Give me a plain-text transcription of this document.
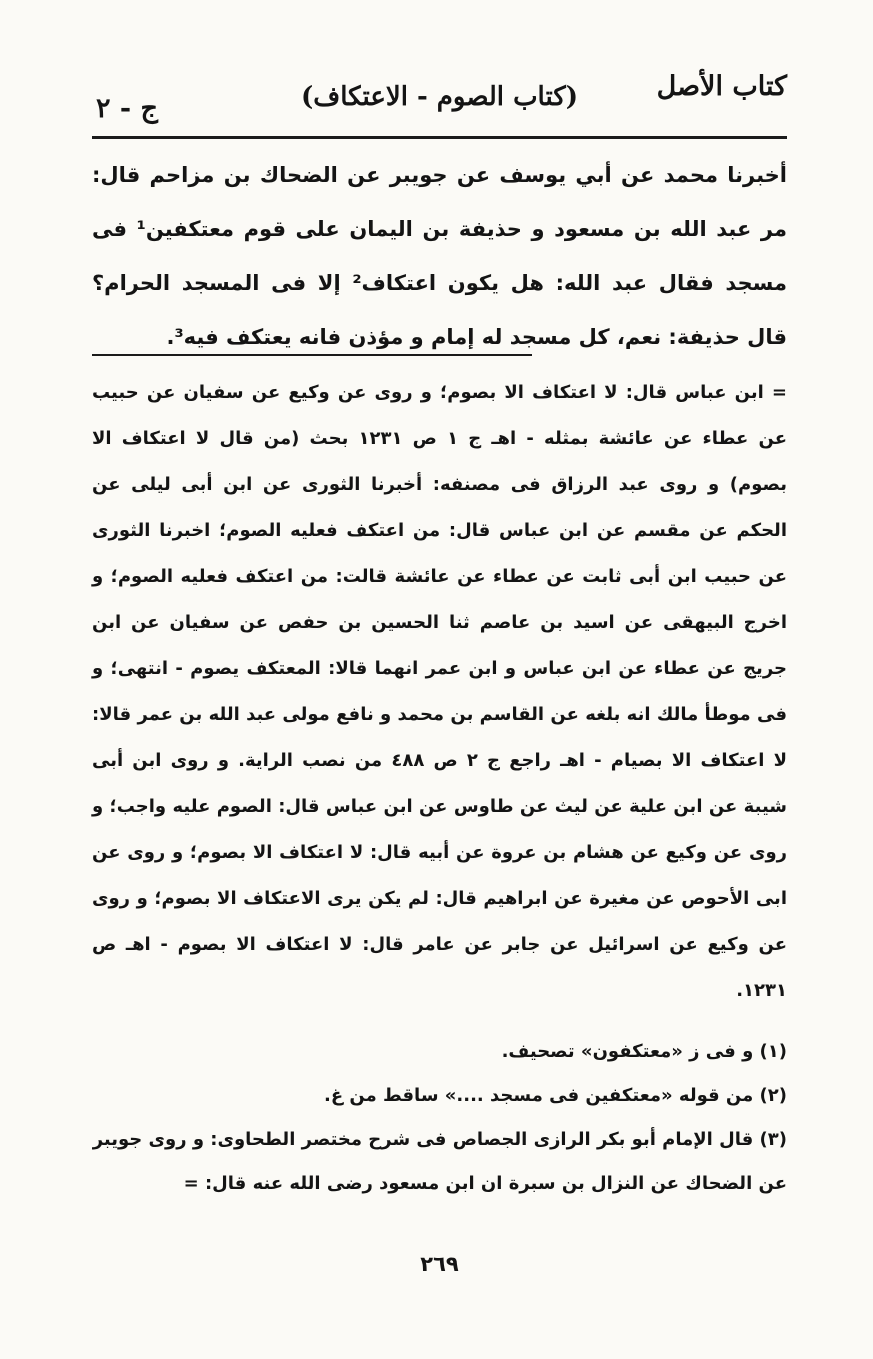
كتاب الأصل
(كتاب الصوم - الاعتكاف)
ج - ٢
أخبرنا محمد عن أبي يوسف عن جويبر عن الضحاك بن مزاحم قال: مر عبد الله بن مسعود و حذيفة بن اليمان على قوم معتكفين¹ فى مسجد فقال عبد الله: هل يكون اعتكاف² إلا فى المسجد الحرام؟ قال حذيفة: نعم، كل مسجد له إمام و مؤذن فانه يعتكف فيه³.

= ابن عباس قال: لا اعتكاف الا بصوم؛ و روى عن وكيع عن سفيان عن حبيب عن عطاء عن عائشة بمثله - اهـ ج ١ ص ١٢٣١ بحث (من قال لا اعتكاف الا بصوم) و روى عبد الرزاق فى مصنفه: أخبرنا الثورى عن ابن أبى ليلى عن الحكم عن مقسم عن ابن عباس قال: من اعتكف فعليه الصوم؛ اخبرنا الثورى عن حبيب ابن أبى ثابت عن عطاء عن عائشة قالت: من اعتكف فعليه الصوم؛ و اخرج البيهقى عن اسيد بن عاصم ثنا الحسين بن حفص عن سفيان عن ابن جريج عن عطاء عن ابن عباس و ابن عمر انهما قالا: المعتكف يصوم - انتهى؛ و فى موطأ مالك انه بلغه عن القاسم بن محمد و نافع مولى عبد الله بن عمر قالا: لا اعتكاف الا بصيام - اهـ راجع ج ٢ ص ٤٨٨ من نصب الراية. و روى ابن أبى شيبة عن ابن علية عن ليث عن طاوس عن ابن عباس قال: الصوم عليه واجب؛ و روى عن وكيع عن هشام بن عروة عن أبيه قال: لا اعتكاف الا بصوم؛ و روى عن ابى الأحوص عن مغيرة عن ابراهيم قال: لم يكن يرى الاعتكاف الا بصوم؛ و روى عن وكيع عن اسرائيل عن جابر عن عامر قال: لا اعتكاف الا بصوم - اهـ ص ١٢٣١.

(١) و فى ز «معتكفون» تصحيف.

(٢) من قوله «معتكفين فى مسجد ....» ساقط من غ.

(٣) قال الإمام أبو بكر الرازى الجصاص فى شرح مختصر الطحاوى: و روى جويبر عن الضحاك عن النزال بن سبرة ان ابن مسعود رضى الله عنه قال: =

٢٦٩
